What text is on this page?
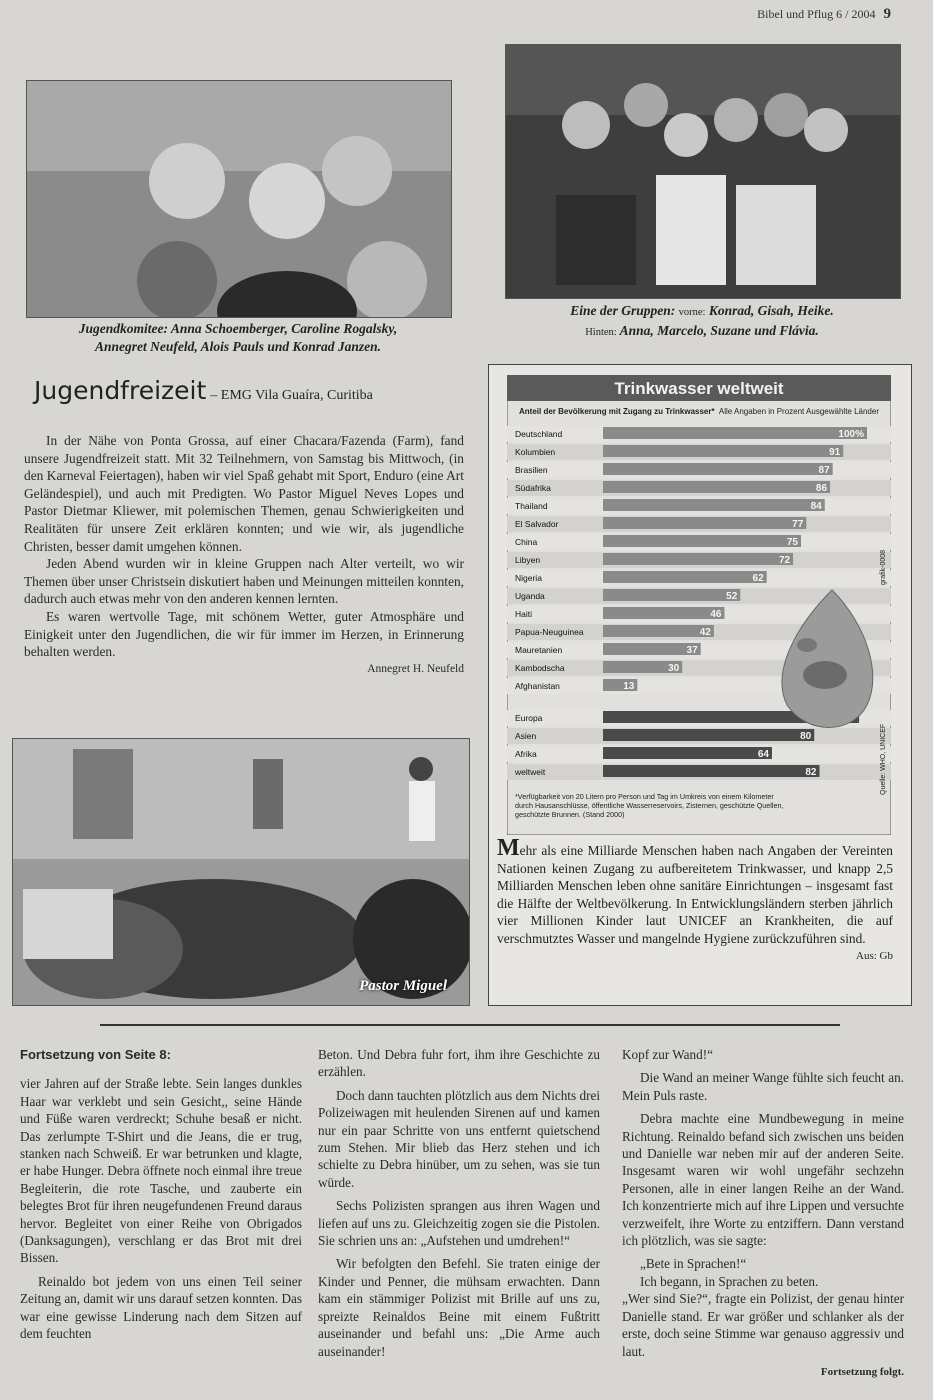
Bibel und Pflug 6 / 2004 9
Jugendkomitee: Anna Schoemberger, Caroline Rogalsky,
Annegret Neufeld, Alois Pauls und Konrad Janzen.
Eine der Gruppen: vorne: Konrad, Gisah, Heike.
Hinten: Anna, Marcelo, Suzane und Flávia.
Jugendfreizeit – EMG Vila Guaíra, Curitiba

In der Nähe von Ponta Grossa, auf einer Chacara/Fazenda (Farm), fand unsere Jugendfreizeit statt. Mit 32 Teilnehmern, von Samstag bis Mittwoch, (in den Karneval Feiertagen), haben wir viel Spaß gehabt mit Sport, Enduro (eine Art Geländespiel), und auch mit Predigten. Wo Pastor Miguel Neves Lopes und Pastor Dietmar Kliewer, mit polemischen Themen, genau Schwierigkeiten und Realitäten für unsere Zeit erklären konnten; und wie wir, als jugendliche Christen, besser damit umgehen können.

Jeden Abend wurden wir in kleine Gruppen nach Alter verteilt, wo wir Themen über unser Christsein diskutiert haben und Meinungen mitteilen konnten, dadurch auch etwas mehr von den anderen kennen lernten.

Es waren wertvolle Tage, mit schönem Wetter, guter Atmosphäre und Einigkeit unter den Jugendlichen, die wir für immer im Herzen, in Erinnerung behalten werden.

Annegret H. Neufeld
Pastor Miguel
Trinkwasser weltweit
Anteil der Bevölkerung mit Zugang zu Trinkwasser* Alle Angaben in Prozent Ausgewählte Länder
Deutschland	100%
Kolumbien	91
Brasilien	87
Südafrika	86
Thailand	84
El Salvador	77
China	75
Libyen	72
Nigeria	62
Uganda	52
Haiti	46
Papua-Neuguinea	42
Mauretanien	37
Kambodscha	30
Afghanistan	13
Europa
Asien	80
Afrika	64
weltweit	82
*Verfügbarkeit von 20 Litern pro Person und Tag im Umkreis von einem Kilometer
durch Hausanschlüsse, öffentliche Wasserreservoirs, Zisternen, geschützte Quellen,
geschützte Brunnen. (Stand 2000)
Quelle: WHO, UNICEF
grafik-0008
Mehr als eine Milliarde Menschen haben nach Angaben der Vereinten Nationen keinen Zugang zu aufbereitetem Trinkwasser, und knapp 2,5 Milliarden Menschen leben ohne sanitäre Einrichtungen – insgesamt fast die Hälfte der Weltbevölkerung. In Entwicklungsländern sterben jährlich vier Millionen Kinder laut UNICEF an Krankheiten, die auf verschmutztes Wasser und mangelnde Hygiene zurückzuführen sind.
Aus: Gb
Fortsetzung von Seite 8:

vier Jahren auf der Straße lebte. Sein langes dunkles Haar war verklebt und sein Gesicht,, seine Hände und Füße waren verdreckt; Schuhe besaß er nicht. Das zerlumpte T-Shirt und die Jeans, die er trug, stanken nach Schweiß. Er war betrunken und klagte, er habe Hunger. Debra öffnete noch einmal ihre treue Begleiterin, die rote Tasche, und zauberte ein belegtes Brot für ihren neugefundenen Freund daraus hervor. Begleitet von einer Reihe von Obrigados (Danksagungen), verschlang er das Brot mit drei Bissen.

Reinaldo bot jedem von uns einen Teil seiner Zeitung an, damit wir uns darauf setzen konnten. Das war eine gewisse Linderung nach dem Sitzen auf dem feuchten

Beton. Und Debra fuhr fort, ihm ihre Geschichte zu erzählen.

Doch dann tauchten plötzlich aus dem Nichts drei Polizeiwagen mit heulenden Sirenen auf und kamen nur ein paar Schritte von uns entfernt quietschend zum Stehen. Mir blieb das Herz stehen und ich schielte zu Debra hinüber, um zu sehen, was sie tun würde.

Sechs Polizisten sprangen aus ihren Wagen und liefen auf uns zu. Gleichzeitig zogen sie die Pistolen. Sie schrien uns an: „Aufstehen und umdrehen!“

Wir befolgten den Befehl. Sie traten einige der Kinder und Penner, die mühsam erwachten. Dann kam ein stämmiger Polizist mit Brille auf uns zu, spreizte Reinaldos Beine mit einem Fußtritt auseinander und befahl uns: „Die Arme auch auseinander!

Kopf zur Wand!“

Die Wand an meiner Wange fühlte sich feucht an. Mein Puls raste.

Debra machte eine Mundbewegung in meine Richtung. Reinaldo befand sich zwischen uns beiden und Danielle war neben mir auf der anderen Seite. Insgesamt waren wir wohl ungefähr sechzehn Personen, alle in einer langen Reihe an der Wand. Ich konzentrierte mich auf ihre Lippen und versuchte verzweifelt, ihre Worte zu entziffern. Dann verstand ich plötzlich, was sie sagte:

„Bete in Sprachen!“

Ich begann, in Sprachen zu beten.

„Wer sind Sie?“, fragte ein Polizist, der genau hinter Danielle stand. Er war größer und schlanker als der erste, doch seine Stimme war genauso aggressiv und laut.

Fortsetzung folgt.
